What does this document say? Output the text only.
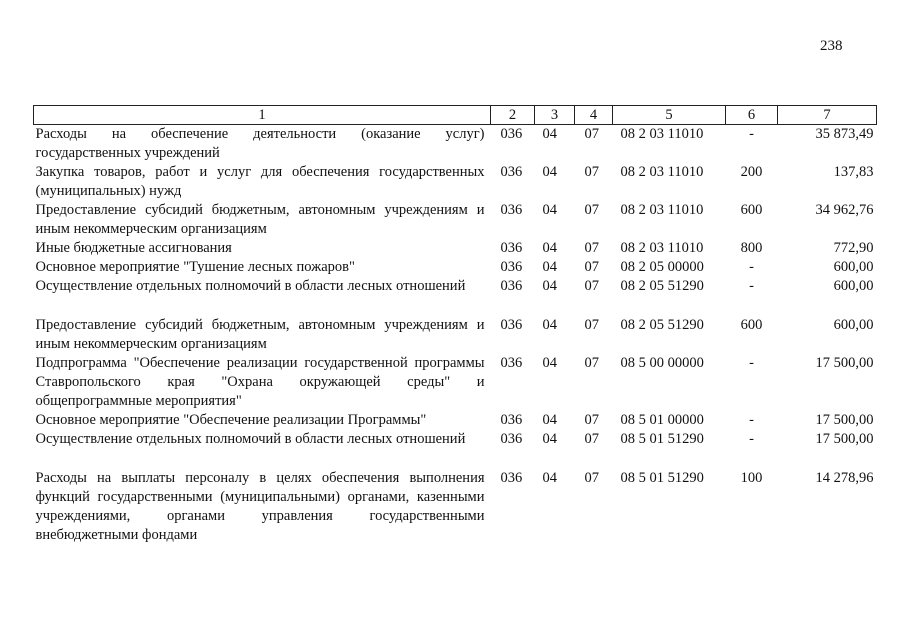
238
1	2	3	4	5	6	7
Расходы на обеспечение деятельности (оказание услуг) государственных учреждений	036	04	07	08 2 03 11010	-	35 873,49
Закупка товаров, работ и услуг для обеспечения государственных (муниципальных) нужд	036	04	07	08 2 03 11010	200	137,83
Предоставление субсидий бюджетным, автономным учреждениям и иным некоммерческим организациям	036	04	07	08 2 03 11010	600	34 962,76
Иные бюджетные ассигнования	036	04	07	08 2 03 11010	800	772,90
Основное мероприятие "Тушение лесных пожаров"	036	04	07	08 2 05 00000	-	600,00
Осуществление отдельных полномочий в области лесных отношений	036	04	07	08 2 05 51290	-	600,00

Предоставление субсидий бюджетным, автономным учреждениям и иным некоммерческим организациям	036	04	07	08 2 05 51290	600	600,00
Подпрограмма "Обеспечение реализации государственной программы Ставропольского края "Охрана окружающей среды" и общепрограммные мероприятия"	036	04	07	08 5 00 00000	-	17 500,00
Основное мероприятие "Обеспечение реализации Программы"	036	04	07	08 5 01 00000	-	17 500,00
Осуществление отдельных полномочий в области лесных отношений	036	04	07	08 5 01 51290	-	17 500,00

Расходы на выплаты персоналу в целях обеспечения выполнения функций государственными (муниципальными) органами, казенными учреждениями, органами управления государственными внебюджетными фондами	036	04	07	08 5 01 51290	100	14 278,96
